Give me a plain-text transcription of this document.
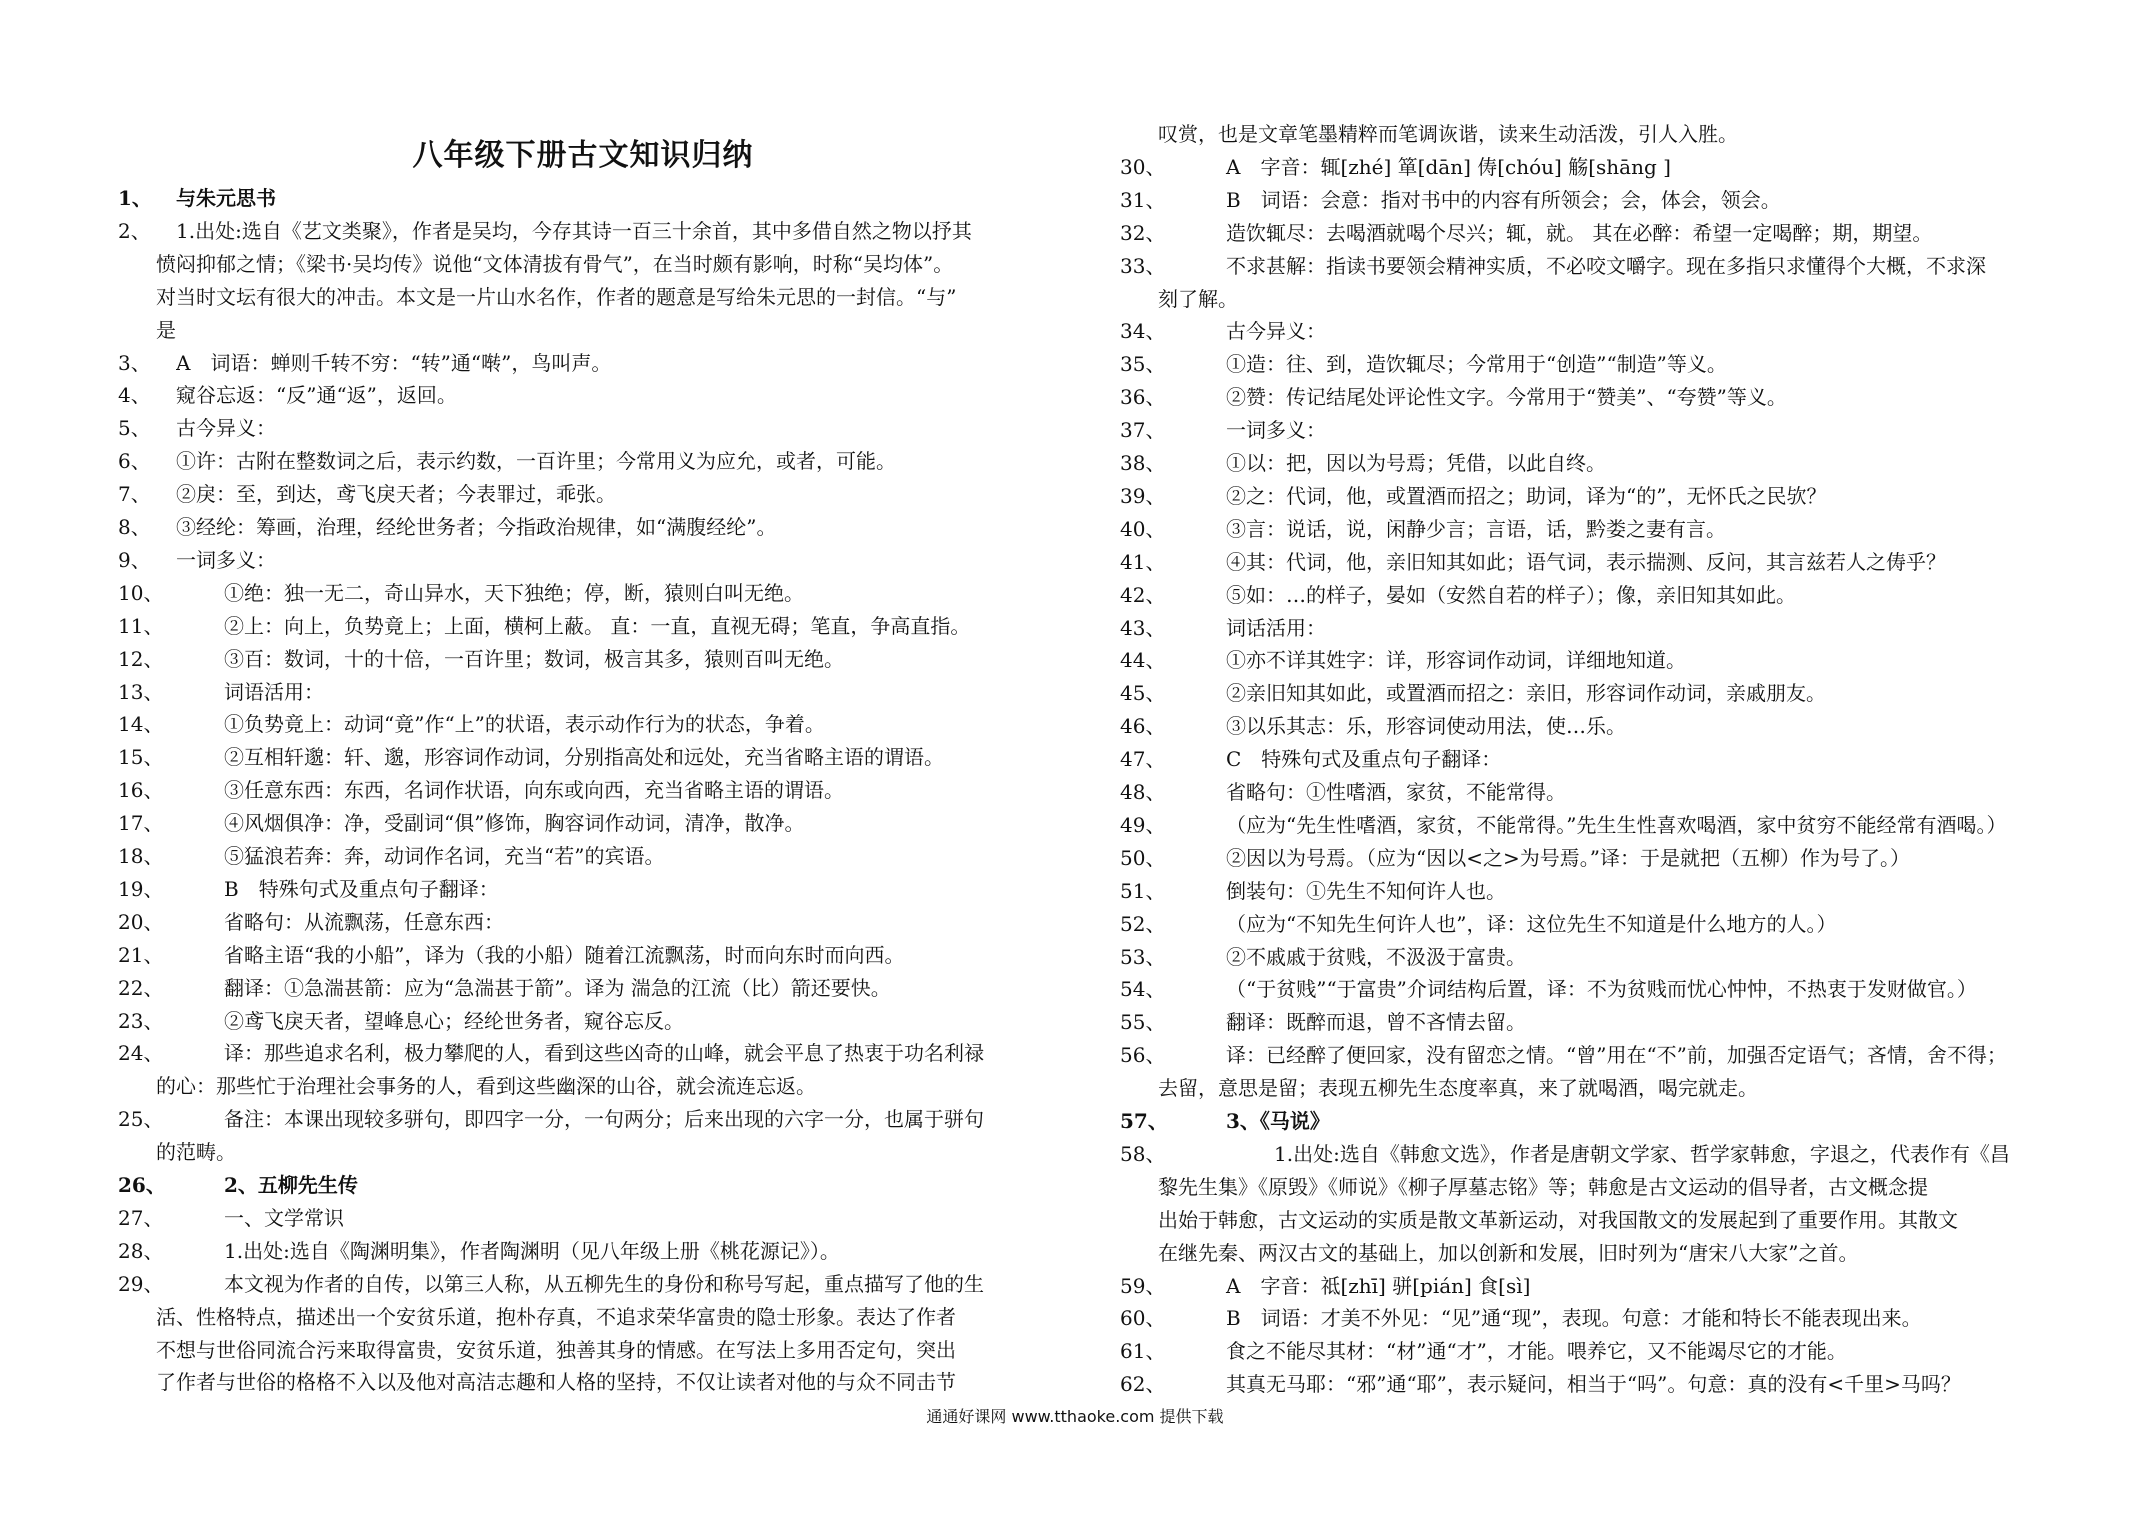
八年级下册古文知识归纳
1、	与朱元思书
2、	1.出处:选自《艺文类聚》，作者是吴均，今存其诗一百三十余首，其中多借自然之物以抒其
愤闷抑郁之情；《梁书·吴均传》说他“文体清拔有骨气”，在当时颇有影响，时称“吴均体”。
对当时文坛有很大的冲击。本文是一片山水名作，作者的题意是写给朱元思的一封信。“与”
是
3、	A　词语：蝉则千转不穷：“转”通“啭”，鸟叫声。
4、	窥谷忘返：“反”通“返”，返回。
5、	古今异义：
6、	①许：古附在整数词之后，表示约数，一百许里；今常用义为应允，或者，可能。
7、	②戾：至，到达，鸢飞戾天者；今表罪过，乖张。
8、	③经纶：筹画，治理，经纶世务者；今指政治规律，如“满腹经纶”。
9、	一词多义：
10、	①绝：独一无二，奇山异水，天下独绝；停，断，猿则白叫无绝。
11、	②上：向上，负势竟上；上面，横柯上蔽。 直：一直，直视无碍；笔直，争高直指。
12、	③百：数词，十的十倍，一百许里；数词，极言其多，猿则百叫无绝。
13、	词语活用：
14、	①负势竟上：动词“竟”作“上”的状语，表示动作行为的状态，争着。
15、	②互相轩邈：轩、邈，形容词作动词，分别指高处和远处，充当省略主语的谓语。
16、	③任意东西：东西，名词作状语，向东或向西，充当省略主语的谓语。
17、	④风烟俱净：净，受副词“俱”修饰，胸容词作动词，清净，散净。
18、	⑤猛浪若奔：奔，动词作名词，充当“若”的宾语。
19、	B　特殊句式及重点句子翻译：
20、	省略句：从流飘荡，任意东西：
21、	省略主语“我的小船”，译为（我的小船）随着江流飘荡，时而向东时而向西。
22、	翻译：①急湍甚箭：应为“急湍甚于箭”。译为 湍急的江流（比）箭还要快。
23、	②鸢飞戾天者，望峰息心；经纶世务者，窥谷忘反。
24、	译：那些追求名利，极力攀爬的人，看到这些凶奇的山峰，就会平息了热衷于功名利禄
的心：那些忙于治理社会事务的人，看到这些幽深的山谷，就会流连忘返。
25、	备注：本课出现较多骈句，即四字一分，一句两分；后来出现的六字一分，也属于骈句
的范畴。
26、	2、五柳先生传
27、	一、文学常识
28、	1.出处:选自《陶渊明集》，作者陶渊明（见八年级上册《桃花源记》）。
29、	本文视为作者的自传，以第三人称，从五柳先生的身份和称号写起，重点描写了他的生
活、性格特点，描述出一个安贫乐道，抱朴存真，不追求荣华富贵的隐士形象。表达了作者
不想与世俗同流合污来取得富贵，安贫乐道，独善其身的情感。在写法上多用否定句，突出
了作者与世俗的格格不入以及他对高洁志趣和人格的坚持，不仅让读者对他的与众不同击节
叹赏，也是文章笔墨精粹而笔调诙谐，读来生动活泼，引人入胜。
30、	A　字音：辄[zhé] 箪[dān] 俦[chóu] 觞[shāng ]
31、	B　词语：会意：指对书中的内容有所领会；会，体会，领会。
32、	造饮辄尽：去喝酒就喝个尽兴；辄，就。 其在必醉：希望一定喝醉；期，期望。
33、	不求甚解：指读书要领会精神实质，不必咬文嚼字。现在多指只求懂得个大概，不求深
刻了解。
34、	古今异义：
35、	①造：往、到，造饮辄尽；今常用于“创造”“制造”等义。
36、	②赞：传记结尾处评论性文字。今常用于“赞美”、“夸赞”等义。
37、	一词多义：
38、	①以：把，因以为号焉；凭借，以此自终。
39、	②之：代词，他，或置酒而招之；助词，译为“的”，无怀氏之民欤？
40、	③言：说话，说，闲静少言；言语，话，黔娄之妻有言。
41、	④其：代词，他，亲旧知其如此；语气词，表示揣测、反问，其言兹若人之俦乎？
42、	⑤如：…的样子，晏如（安然自若的样子）；像，亲旧知其如此。
43、	词话活用：
44、	①亦不详其姓字：详，形容词作动词，详细地知道。
45、	②亲旧知其如此，或置酒而招之：亲旧，形容词作动词，亲戚朋友。
46、	③以乐其志：乐，形容词使动用法，使…乐。
47、	C　特殊句式及重点句子翻译：
48、	省略句：①性嗜酒，家贫，不能常得。
49、	（应为“先生性嗜酒，家贫，不能常得。”先生生性喜欢喝酒，家中贫穷不能经常有酒喝。）
50、	②因以为号焉。（应为“因以<之>为号焉。”译：于是就把（五柳）作为号了。）
51、	倒装句：①先生不知何许人也。
52、	（应为“不知先生何许人也”，译：这位先生不知道是什么地方的人。）
53、	②不戚戚于贫贱，不汲汲于富贵。
54、	（“于贫贱”“于富贵”介词结构后置，译：不为贫贱而忧心忡忡，不热衷于发财做官。）
55、	翻译：既醉而退，曾不吝情去留。
56、	译：已经醉了便回家，没有留恋之情。“曾”用在“不”前，加强否定语气；吝情，舍不得；
去留，意思是留；表现五柳先生态度率真，来了就喝酒，喝完就走。
57、	3、《马说》
58、	1.出处:选自《韩愈文选》，作者是唐朝文学家、哲学家韩愈，字退之，代表作有《昌
黎先生集》《原毁》《师说》《柳子厚墓志铭》等；韩愈是古文运动的倡导者，古文概念提
出始于韩愈，古文运动的实质是散文革新运动，对我国散文的发展起到了重要作用。其散文
在继先秦、两汉古文的基础上，加以创新和发展，旧时列为“唐宋八大家”之首。
59、	A　字音：祗[zhī] 骈[pián] 食[sì]
60、	B　词语：才美不外见：“见”通“现”，表现。句意：才能和特长不能表现出来。
61、	食之不能尽其材：“材”通“才”，才能。喂养它，又不能竭尽它的才能。
62、	其真无马耶：“邪”通“耶”，表示疑问，相当于“吗”。句意：真的没有<千里>马吗？
通通好课网 www.tthaoke.com 提供下载
